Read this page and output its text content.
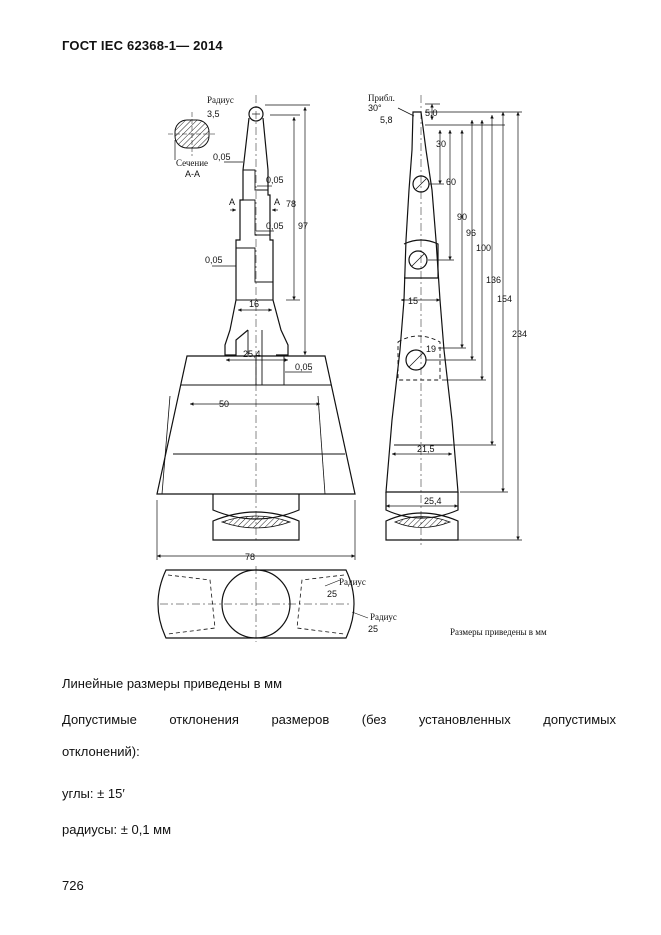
ГОСТ IEC 62368-1— 2014
Радиус
3,5
Сечение
А-А
0,05
0,05
0,05
0,05
0,05
А	А 78
97
16
25,4
50
78
Радиус
25
Радиус
25
Прибл.
30°	5,0
5,8
30
60
90
96
100
136
154
234
15
19
21,5
25,4
Размеры приведены в мм
Линейные размеры приведены в мм
Допустимые	отклонения	размеров	(без	установленных	допустимых
отклонений):
углы: ± 15′
радиусы: ± 0,1 мм
726
